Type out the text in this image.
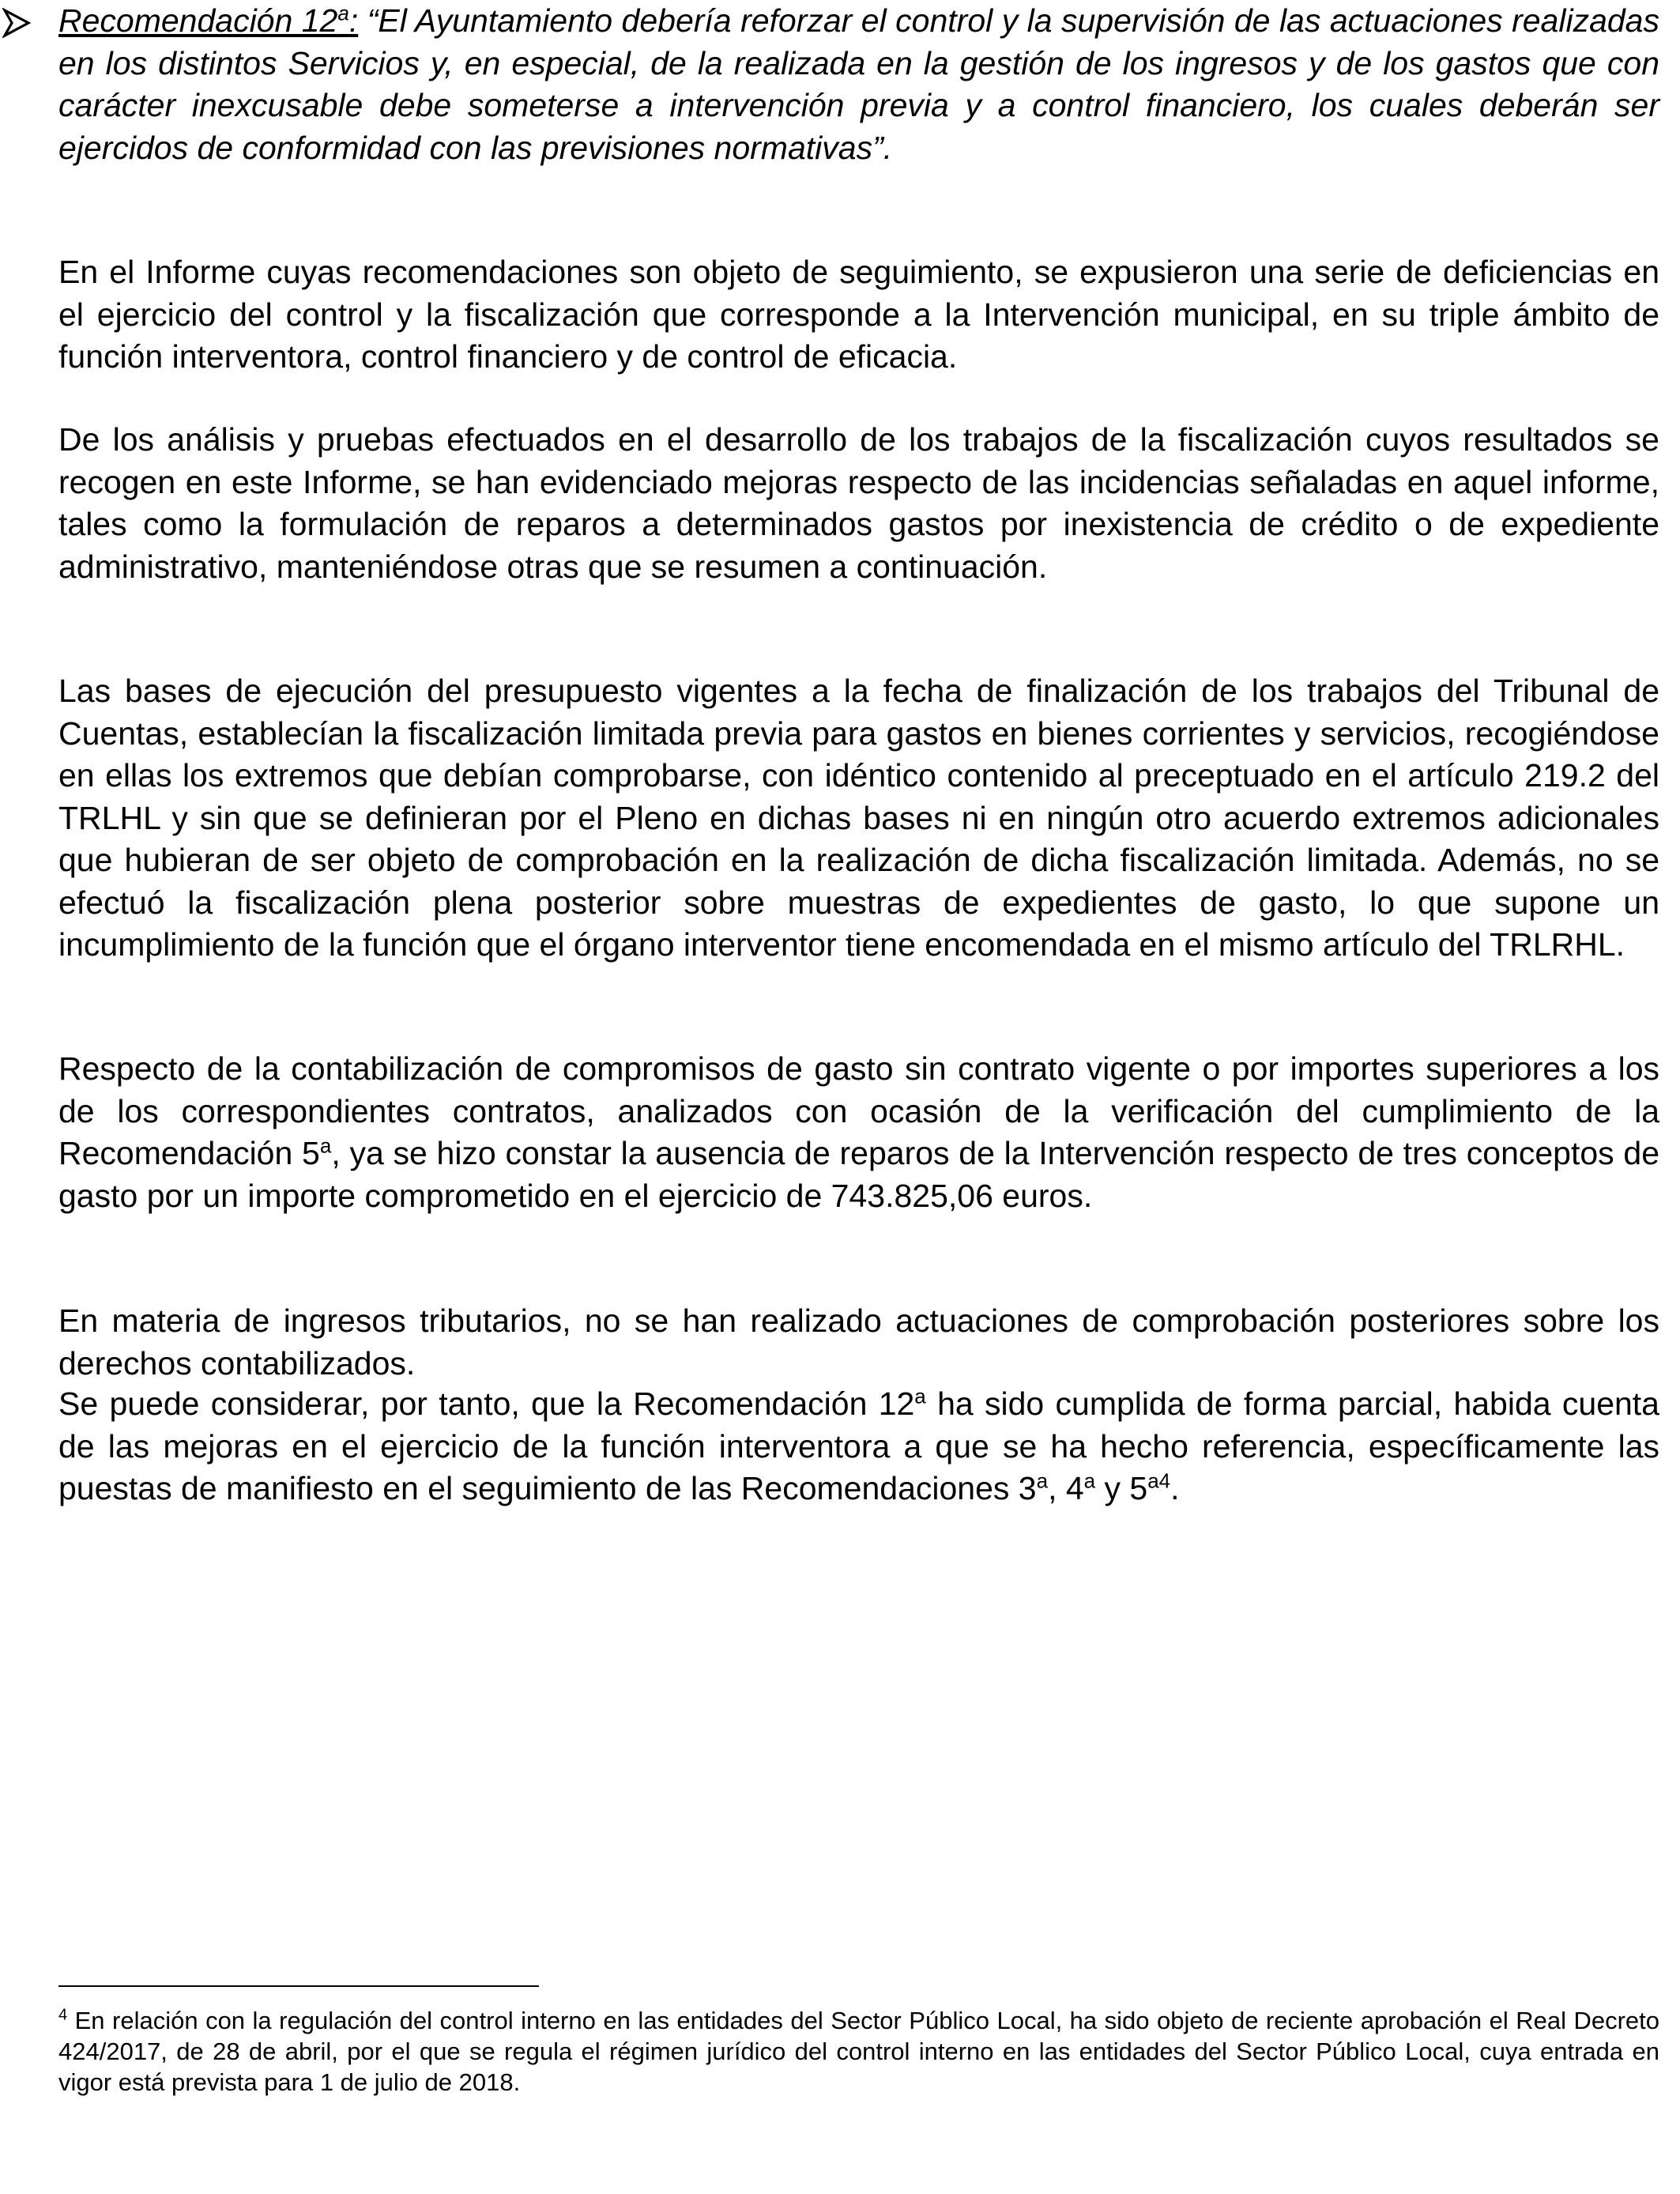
Recomendación 12$^a$: “El Ayuntamiento debería reforzar el control y la supervisión de las actuaciones realizadas en los distintos Servicios y, en especial, de la realizada en la gestión de los ingresos y de los gastos que con carácter inexcusable debe someterse a intervención previa y a control financiero, los cuales deberán ser ejercidos de conformidad con las previsiones normativas”.

En el Informe cuyas recomendaciones son objeto de seguimiento, se expusieron una serie de deficiencias en el ejercicio del control y la fiscalización que corresponde a la Intervención municipal, en su triple ámbito de función interventora, control financiero y de control de eficacia.

De los análisis y pruebas efectuados en el desarrollo de los trabajos de la fiscalización cuyos resultados se recogen en este Informe, se han evidenciado mejoras respecto de las incidencias señaladas en aquel informe, tales como la formulación de reparos a determinados gastos por inexistencia de crédito o de expediente administrativo, manteniéndose otras que se resumen a continuación.

Las bases de ejecución del presupuesto vigentes a la fecha de finalización de los trabajos del Tribunal de Cuentas, establecían la fiscalización limitada previa para gastos en bienes corrientes y servicios, recogiéndose en ellas los extremos que debían comprobarse, con idéntico contenido al preceptuado en el artículo 219.2 del TRLHL y sin que se definieran por el Pleno en dichas bases ni en ningún otro acuerdo extremos adicionales que hubieran de ser objeto de comprobación en la realización de dicha fiscalización limitada. Además, no se efectuó la fiscalización plena posterior sobre muestras de expedientes de gasto, lo que supone un incumplimiento de la función que el órgano interventor tiene encomendada en el mismo artículo del TRLRHL.

Respecto de la contabilización de compromisos de gasto sin contrato vigente o por importes superiores a los de los correspondientes contratos, analizados con ocasión de la verificación del cumplimiento de la Recomendación 5$^a$, ya se hizo constar la ausencia de reparos de la Intervención respecto de tres conceptos de gasto por un importe comprometido en el ejercicio de 743.825,06 euros.

En materia de ingresos tributarios, no se han realizado actuaciones de comprobación posteriores sobre los derechos contabilizados.

Se puede considerar, por tanto, que la Recomendación 12$^a$ ha sido cumplida de forma parcial, habida cuenta de las mejoras en el ejercicio de la función interventora a que se ha hecho referencia, específicamente las puestas de manifiesto en el seguimiento de las Recomendaciones 3$^a$, 4$^a$ y $5^{a4}$.

$^4$ En relación con la regulación del control interno en las entidades del Sector Público Local, ha sido objeto de reciente aprobación el Real Decreto 424/2017, de 28 de abril, por el que se regula el régimen jurídico del control interno en las entidades del Sector Público Local, cuya entrada en vigor está prevista para 1 de julio de 2018.
